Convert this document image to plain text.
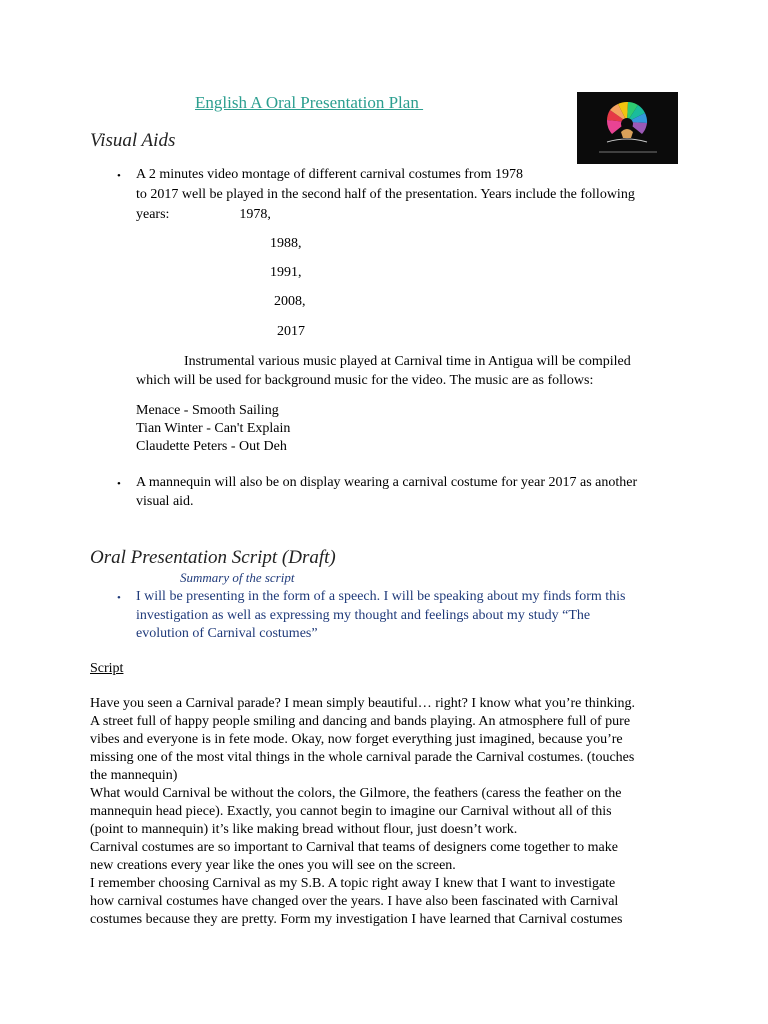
English A Oral Presentation Plan
Visual Aids
• A 2 minutes video montage of different carnival costumes from 1978
to 2017 well be played in the second half of the presentation. Years include the following
years:                    1978,
1988,
1991,
2008,
2017
Instrumental various music played at Carnival time in Antigua will be compiled
which will be used for background music for the video. The music are as follows:
Menace - Smooth Sailing
Tian Winter - Can't Explain
Claudette Peters - Out Deh
• A mannequin will also be on display wearing a carnival costume for year 2017 as another
visual aid.
Oral Presentation Script (Draft)
Summary of the script
• I will be presenting in the form of a speech. I will be speaking about my finds form this
investigation as well as expressing my thought and feelings about my study “The
evolution of Carnival costumes”
Script
Have you seen a Carnival parade? I mean simply beautiful… right? I know what you’re thinking.
A street full of happy people smiling and dancing and bands playing. An atmosphere full of pure
vibes and everyone is in fete mode. Okay, now forget everything just imagined, because you’re
missing one of the most vital things in the whole carnival parade the Carnival costumes. (touches
the mannequin)
What would Carnival be without the colors, the Gilmore, the feathers (caress the feather on the
mannequin head piece). Exactly, you cannot begin to imagine our Carnival without all of this
(point to mannequin) it’s like making bread without flour, just doesn’t work.
Carnival costumes are so important to Carnival that teams of designers come together to make
new creations every year like the ones you will see on the screen.
I remember choosing Carnival as my S.B. A topic right away I knew that I want to investigate
how carnival costumes have changed over the years. I have also been fascinated with Carnival
costumes because they are pretty. Form my investigation I have learned that Carnival costumes
